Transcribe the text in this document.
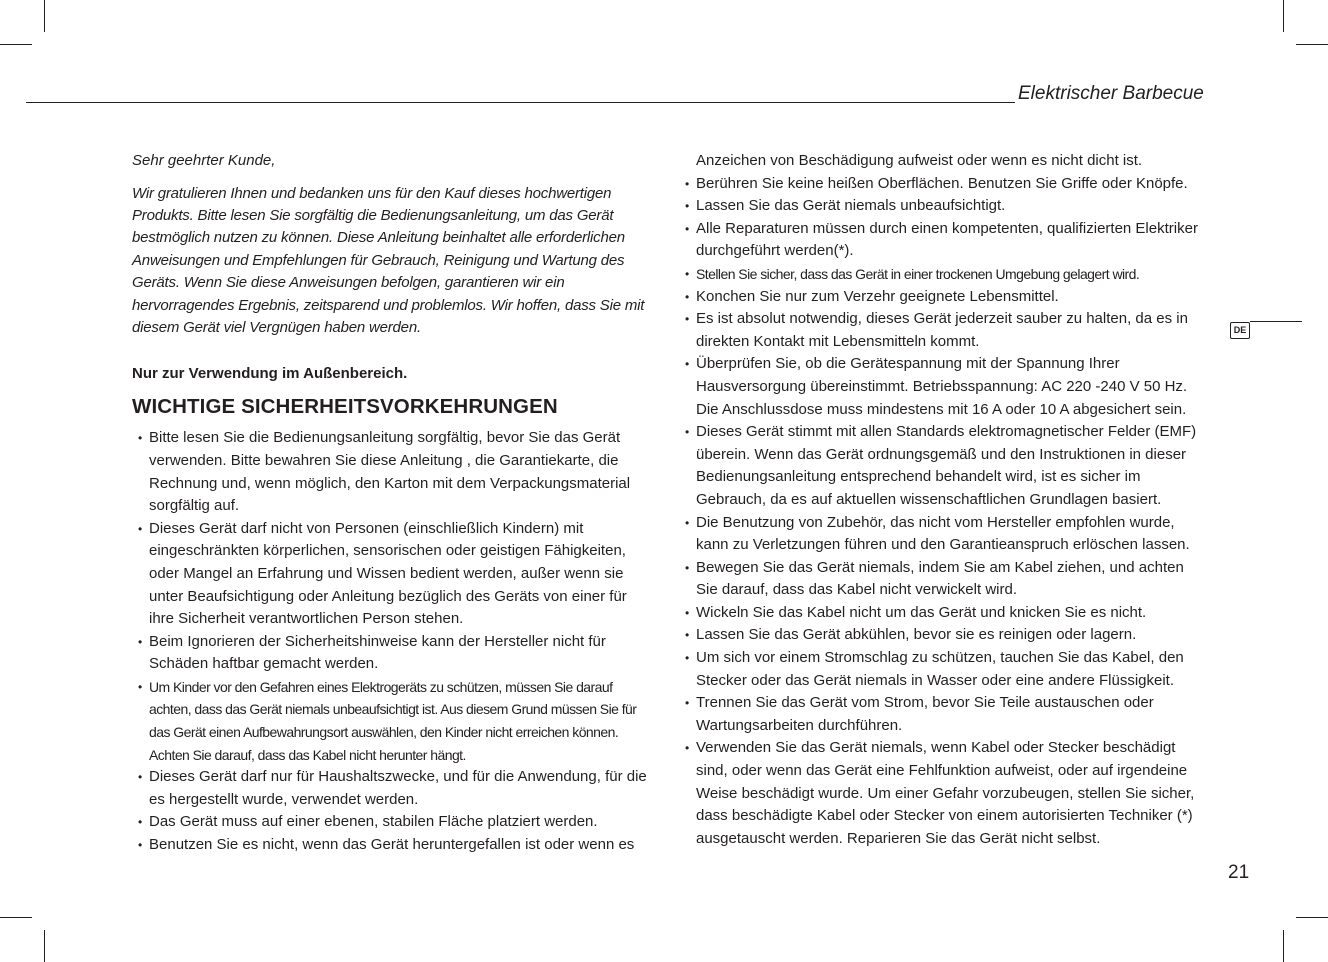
Elektrischer Barbecue
DE

Sehr geehrter Kunde,

Wir gratulieren Ihnen und bedanken uns für den Kauf dieses hochwertigen Produkts. Bitte lesen Sie sorgfältig die Bedienungsanleitung, um das Gerät bestmöglich nutzen zu können. Diese Anleitung beinhaltet alle erforderlichen Anweisungen und Empfehlungen für Gebrauch, Reinigung und Wartung des Geräts. Wenn Sie diese Anweisungen befolgen, garantieren wir ein hervorragendes Ergebnis, zeitsparend und problemlos. Wir hoffen, dass Sie mit diesem Gerät viel Vergnügen haben werden.

Nur zur Verwendung im Außenbereich.

WICHTIGE SICHERHEITSVORKEHRUNGEN
• Bitte lesen Sie die Bedienungsanleitung sorgfältig, bevor Sie das Gerät verwenden. Bitte bewahren Sie diese Anleitung , die Garantiekarte, die Rechnung und, wenn möglich, den Karton mit dem Verpackungsmaterial sorgfältig auf.
• Dieses Gerät darf nicht von Personen (einschließlich Kindern) mit eingeschränkten körperlichen, sensorischen oder geistigen Fähigkeiten, oder Mangel an Erfahrung und Wissen bedient werden, außer wenn sie unter Beaufsichtigung oder Anleitung bezüglich des Geräts von einer für ihre Sicherheit verantwortlichen Person stehen.
• Beim Ignorieren der Sicherheitshinweise kann der Hersteller nicht für Schäden haftbar gemacht werden.
• Um Kinder vor den Gefahren eines Elektrogeräts zu schützen, müssen Sie darauf achten, dass das Gerät niemals unbeaufsichtigt ist. Aus diesem Grund müssen Sie für das Gerät einen Aufbewahrungsort auswählen, den Kinder nicht erreichen können. Achten Sie darauf, dass das Kabel nicht herunter hängt.
• Dieses Gerät darf nur für Haushaltszwecke, und für die Anwendung, für die es hergestellt wurde, verwendet werden.
• Das Gerät muss auf einer ebenen, stabilen Fläche platziert werden.
• Benutzen Sie es nicht, wenn das Gerät heruntergefallen ist oder wenn es

Anzeichen von Beschädigung aufweist oder wenn es nicht dicht ist.

• Berühren Sie keine heißen Oberflächen. Benutzen Sie Griffe oder Knöpfe.
• Lassen Sie das Gerät niemals unbeaufsichtigt.
• Alle Reparaturen müssen durch einen kompetenten, qualifizierten Elektriker durchgeführt werden(*).
• Stellen Sie sicher, dass das Gerät in einer trockenen Umgebung gelagert wird.
• Konchen Sie nur zum Verzehr geeignete Lebensmittel.
• Es ist absolut notwendig, dieses Gerät jederzeit sauber zu halten, da es in direkten Kontakt mit Lebensmitteln kommt.
• Überprüfen Sie, ob die Gerätespannung mit der Spannung Ihrer Hausversorgung übereinstimmt. Betriebsspannung: AC 220 -240 V 50 Hz. Die Anschlussdose muss mindestens mit 16 A oder 10 A abgesichert sein.
• Dieses Gerät stimmt mit allen Standards elektromagnetischer Felder (EMF) überein. Wenn das Gerät ordnungsgemäß und den Instruktionen in dieser Bedienungsanleitung entsprechend behandelt wird, ist es sicher im Gebrauch, da es auf aktuellen wissenschaftlichen Grundlagen basiert.
• Die Benutzung von Zubehör, das nicht vom Hersteller empfohlen wurde, kann zu Verletzungen führen und den Garantieanspruch erlöschen lassen.
• Bewegen Sie das Gerät niemals, indem Sie am Kabel ziehen, und achten Sie darauf, dass das Kabel nicht verwickelt wird.
• Wickeln Sie das Kabel nicht um das Gerät und knicken Sie es nicht.
• Lassen Sie das Gerät abkühlen, bevor sie es reinigen oder lagern.
• Um sich vor einem Stromschlag zu schützen, tauchen Sie das Kabel, den Stecker oder das Gerät niemals in Wasser oder eine andere Flüssigkeit.
• Trennen Sie das Gerät vom Strom, bevor Sie Teile austauschen oder Wartungsarbeiten durchführen.
• Verwenden Sie das Gerät niemals, wenn Kabel oder Stecker beschädigt sind, oder wenn das Gerät eine Fehlfunktion aufweist, oder auf irgendeine Weise beschädigt wurde. Um einer Gefahr vorzubeugen, stellen Sie sicher, dass beschädigte Kabel oder Stecker von einem autorisierten Techniker (*) ausgetauscht werden. Reparieren Sie das Gerät nicht selbst.
21
